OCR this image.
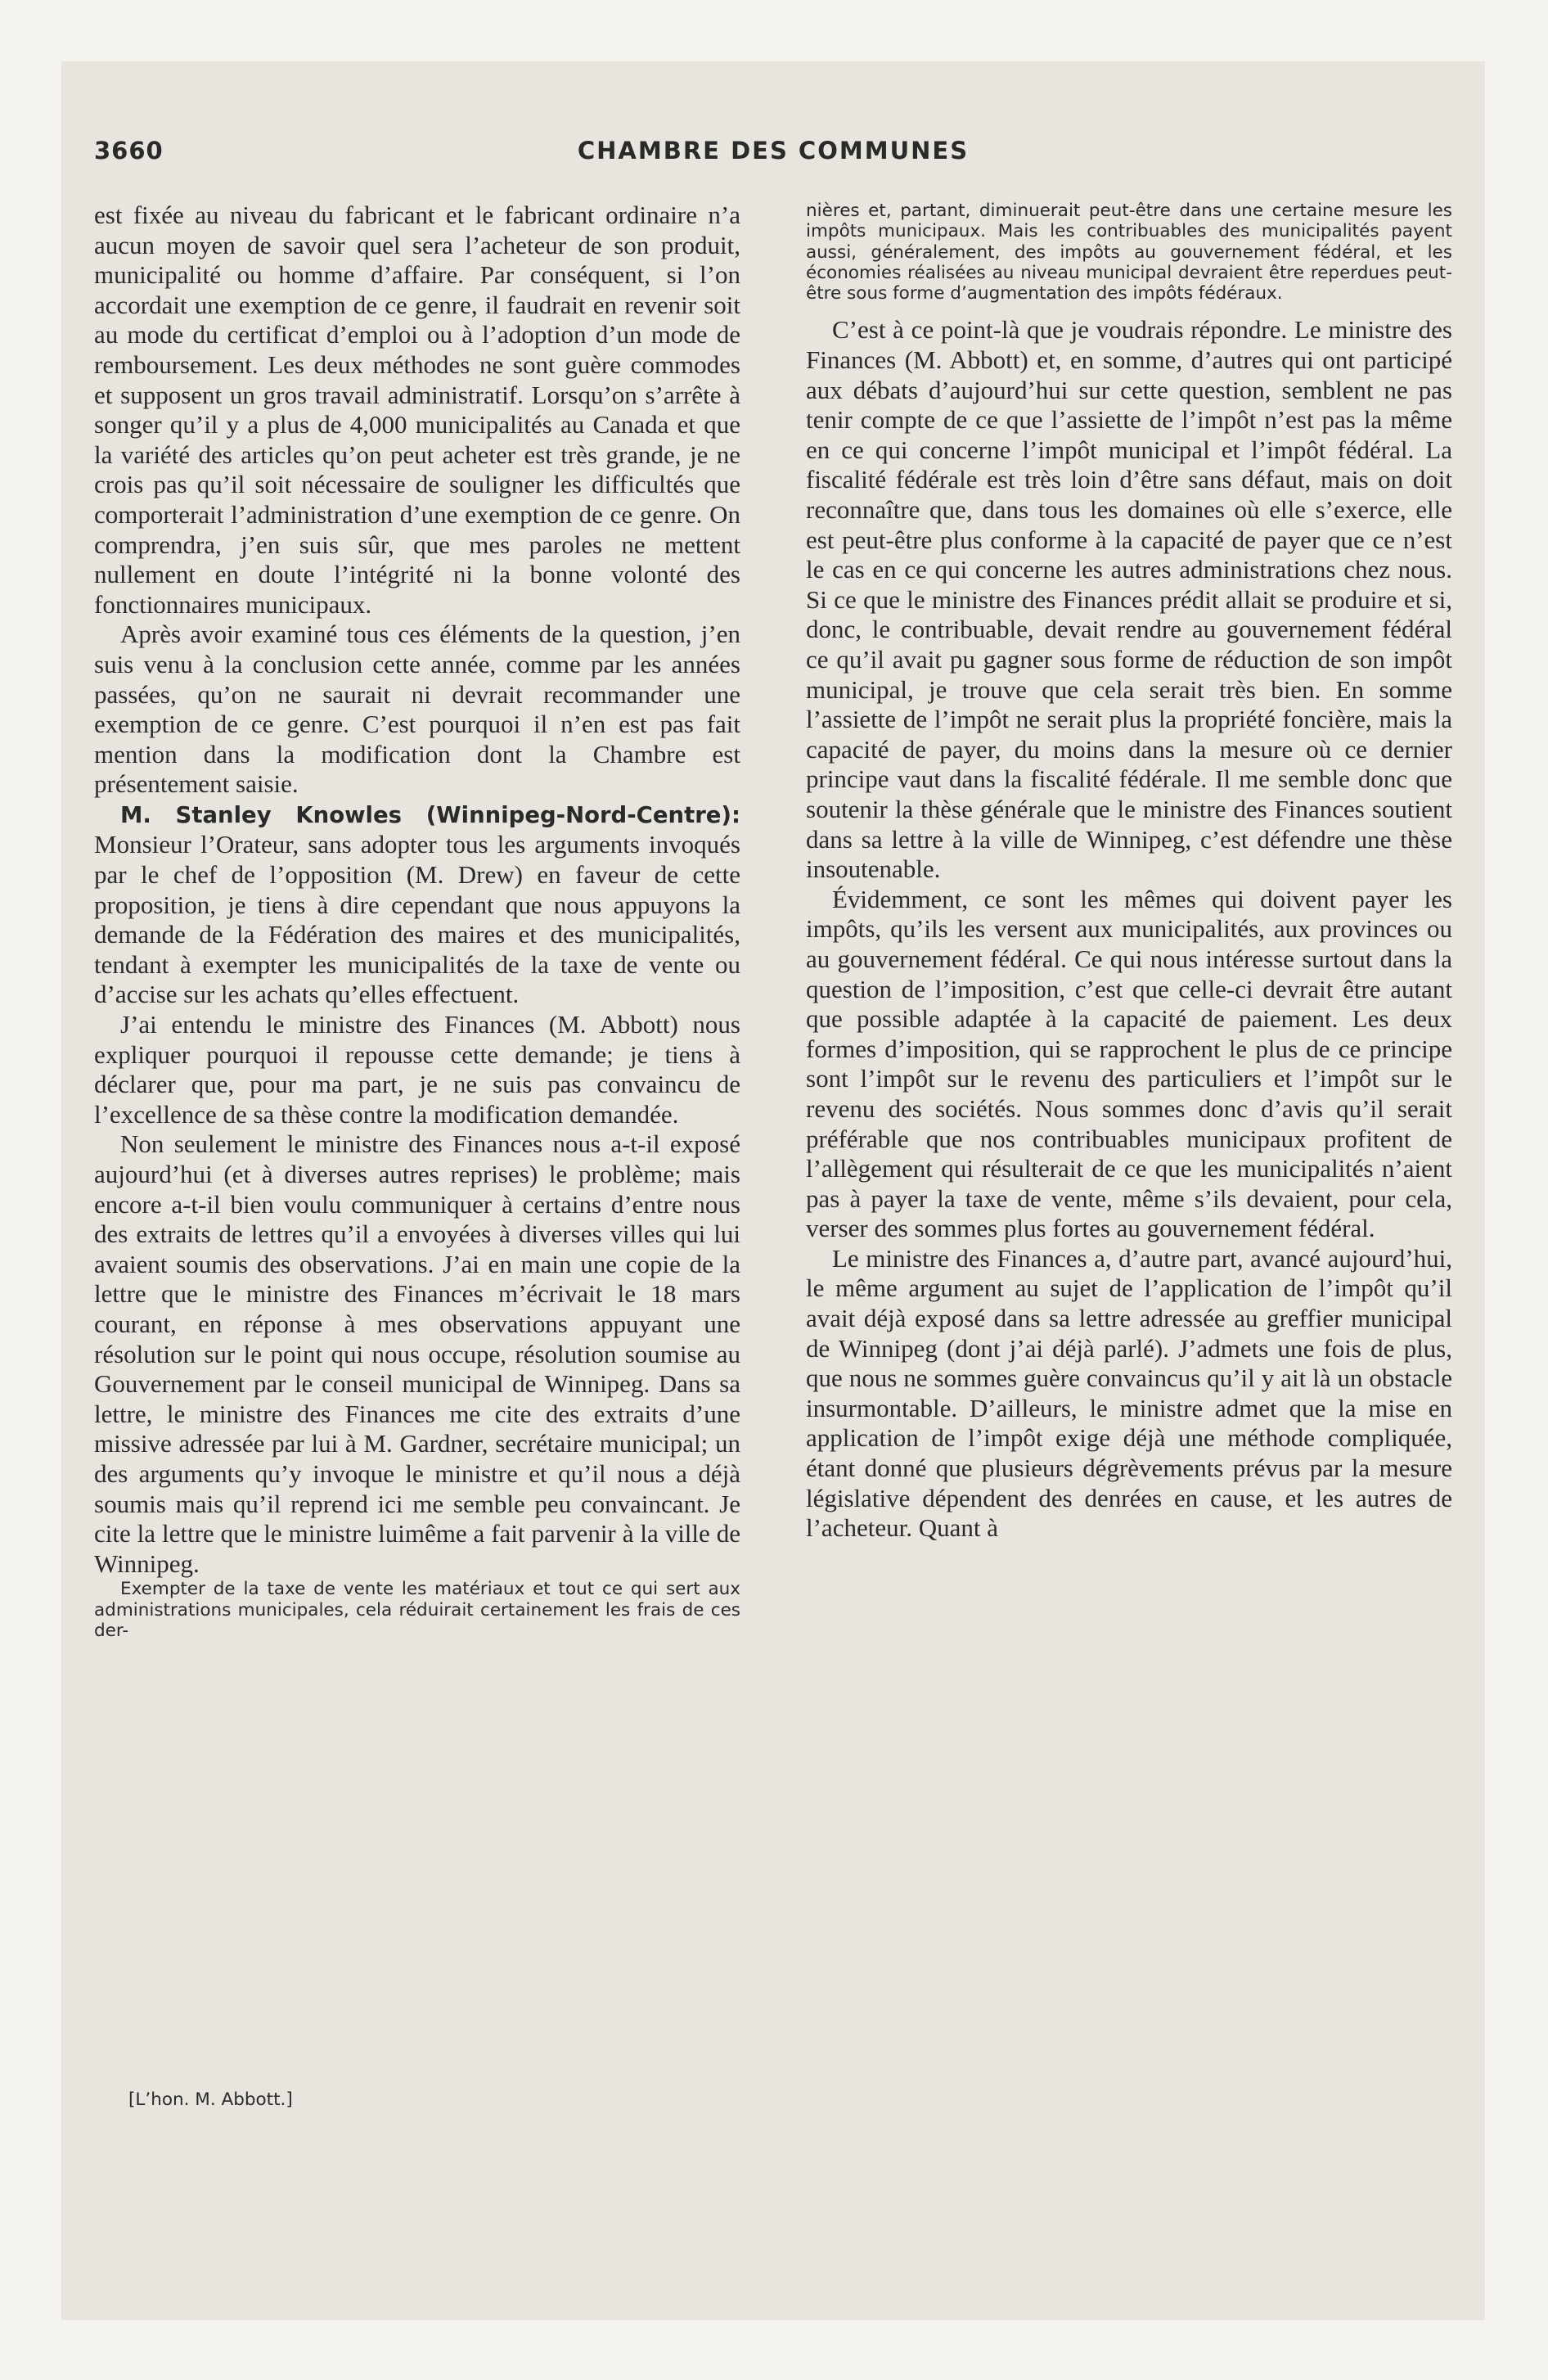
3660	CHAMBRE DES COMMUNES

est fixée au niveau du fabricant et le fabricant ordinaire n’a aucun moyen de savoir quel sera l’acheteur de son produit, municipalité ou homme d’affaire. Par conséquent, si l’on accordait une exemption de ce genre, il faudrait en revenir soit au mode du certificat d’emploi ou à l’adoption d’un mode de remboursement. Les deux méthodes ne sont guère commodes et supposent un gros travail administratif. Lorsqu’on s’arrête à songer qu’il y a plus de 4,000 municipalités au Canada et que la variété des articles qu’on peut acheter est très grande, je ne crois pas qu’il soit nécessaire de souligner les difficultés que comporterait l’administration d’une exemption de ce genre. On comprendra, j’en suis sûr, que mes paroles ne mettent nullement en doute l’intégrité ni la bonne volonté des fonctionnaires municipaux.

Après avoir examiné tous ces éléments de la question, j’en suis venu à la conclusion cette année, comme par les années passées, qu’on ne saurait ni devrait recommander une exemption de ce genre. C’est pourquoi il n’en est pas fait mention dans la modification dont la Chambre est présentement saisie.

M. Stanley Knowles (Winnipeg-Nord-Centre): Monsieur l’Orateur, sans adopter tous les arguments invoqués par le chef de l’opposition (M. Drew) en faveur de cette proposition, je tiens à dire cependant que nous appuyons la demande de la Fédération des maires et des municipalités, tendant à exempter les municipalités de la taxe de vente ou d’accise sur les achats qu’elles effectuent.

J’ai entendu le ministre des Finances (M. Abbott) nous expliquer pourquoi il repousse cette demande; je tiens à déclarer que, pour ma part, je ne suis pas convaincu de l’excellence de sa thèse contre la modification demandée.

Non seulement le ministre des Finances nous a-t-il exposé aujourd’hui (et à diverses autres reprises) le problème; mais encore a-t-il bien voulu communiquer à certains d’entre nous des extraits de lettres qu’il a envoyées à diverses villes qui lui avaient soumis des observations. J’ai en main une copie de la lettre que le ministre des Finances m’écrivait le 18 mars courant, en réponse à mes observations appuyant une résolution sur le point qui nous occupe, résolution soumise au Gouvernement par le conseil municipal de Winnipeg. Dans sa lettre, le ministre des Finances me cite des extraits d’une missive adressée par lui à M. Gardner, secrétaire municipal; un des arguments qu’y invoque le ministre et qu’il nous a déjà soumis mais qu’il reprend ici me semble peu convaincant. Je cite la lettre que le ministre luimême a fait parvenir à la ville de Winnipeg.

Exempter de la taxe de vente les matériaux et tout ce qui sert aux administrations municipales, cela réduirait certainement les frais de ces der-

nières et, partant, diminuerait peut-être dans une certaine mesure les impôts municipaux. Mais les contribuables des municipalités payent aussi, généralement, des impôts au gouvernement fédéral, et les économies réalisées au niveau municipal devraient être reperdues peut-être sous forme d’augmentation des impôts fédéraux.

C’est à ce point-là que je voudrais répondre. Le ministre des Finances (M. Abbott) et, en somme, d’autres qui ont participé aux débats d’aujourd’hui sur cette question, semblent ne pas tenir compte de ce que l’assiette de l’impôt n’est pas la même en ce qui concerne l’impôt municipal et l’impôt fédéral. La fiscalité fédérale est très loin d’être sans défaut, mais on doit reconnaître que, dans tous les domaines où elle s’exerce, elle est peut-être plus conforme à la capacité de payer que ce n’est le cas en ce qui concerne les autres administrations chez nous. Si ce que le ministre des Finances prédit allait se produire et si, donc, le contribuable, devait rendre au gouvernement fédéral ce qu’il avait pu gagner sous forme de réduction de son impôt municipal, je trouve que cela serait très bien. En somme l’assiette de l’impôt ne serait plus la propriété foncière, mais la capacité de payer, du moins dans la mesure où ce dernier principe vaut dans la fiscalité fédérale. Il me semble donc que soutenir la thèse générale que le ministre des Finances soutient dans sa lettre à la ville de Winnipeg, c’est défendre une thèse insoutenable.

Évidemment, ce sont les mêmes qui doivent payer les impôts, qu’ils les versent aux municipalités, aux provinces ou au gouvernement fédéral. Ce qui nous intéresse surtout dans la question de l’imposition, c’est que celle-ci devrait être autant que possible adaptée à la capacité de paiement. Les deux formes d’imposition, qui se rapprochent le plus de ce principe sont l’impôt sur le revenu des particuliers et l’impôt sur le revenu des sociétés. Nous sommes donc d’avis qu’il serait préférable que nos contribuables municipaux profitent de l’allègement qui résulterait de ce que les municipalités n’aient pas à payer la taxe de vente, même s’ils devaient, pour cela, verser des sommes plus fortes au gouvernement fédéral.

Le ministre des Finances a, d’autre part, avancé aujourd’hui, le même argument au sujet de l’application de l’impôt qu’il avait déjà exposé dans sa lettre adressée au greffier municipal de Winnipeg (dont j’ai déjà parlé). J’admets une fois de plus, que nous ne sommes guère convaincus qu’il y ait là un obstacle insurmontable. D’ailleurs, le ministre admet que la mise en application de l’impôt exige déjà une méthode compliquée, étant donné que plusieurs dégrèvements prévus par la mesure législative dépendent des denrées en cause, et les autres de l’acheteur. Quant à

[L’hon. M. Abbott.]
